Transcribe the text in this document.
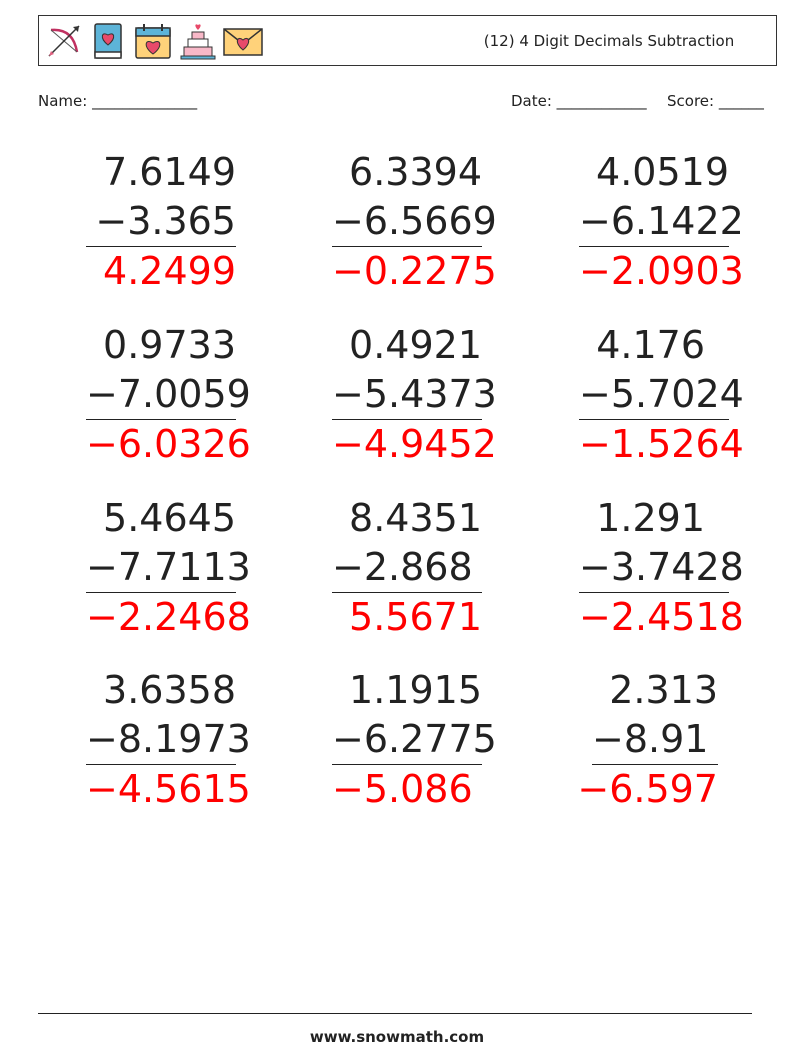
(12) 4 Digit Decimals Subtraction
Name: ______________	Date: ____________ Score: ______
7.6149
−3.365
4.2499
6.3394
−6.5669
−0.2275
4.0519
−6.1422
−2.0903
0.9733
−7.0059
−6.0326
0.4921
−5.4373
−4.9452
4.176
−5.7024
−1.5264
5.4645
−7.7113
−2.2468
8.4351
−2.868
5.5671
1.291
−3.7428
−2.4518
3.6358
−8.1973
−4.5615
1.1915
−6.2775
−5.086
2.313
−8.91
−6.597
www.snowmath.com
